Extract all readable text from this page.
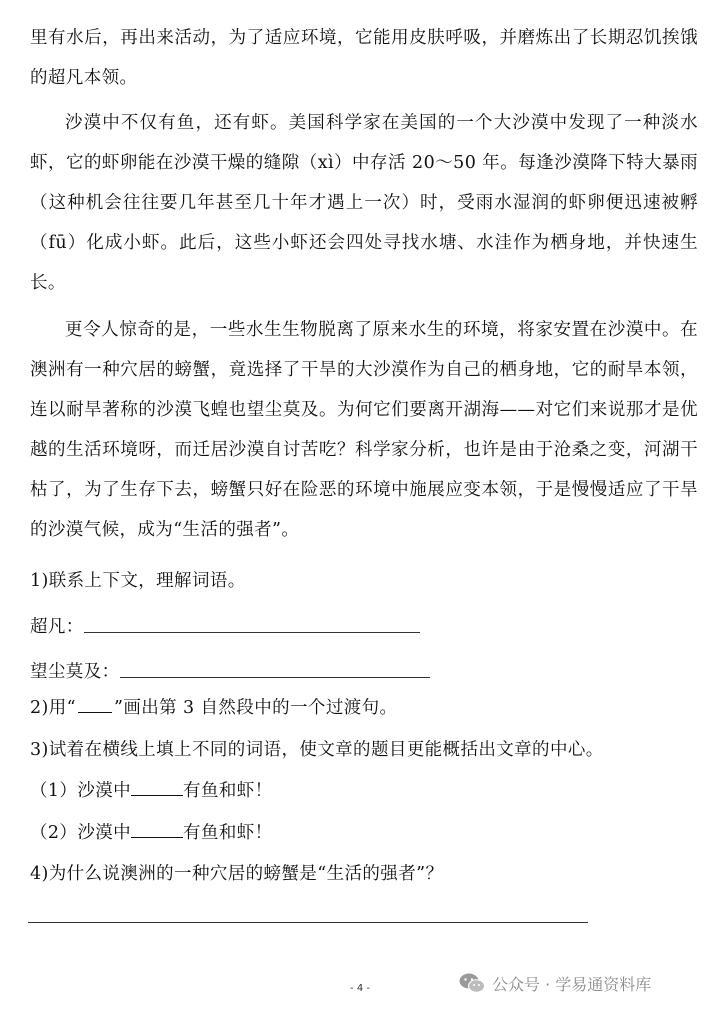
里有水后，再出来活动，为了适应环境，它能用皮肤呼吸，并磨炼出了长期忍饥挨饿的超凡本领。

沙漠中不仅有鱼，还有虾。美国科学家在美国的一个大沙漠中发现了一种淡水虾，它的虾卵能在沙漠干燥的缝隙（xì）中存活 20～50 年。每逢沙漠降下特大暴雨（这种机会往往要几年甚至几十年才遇上一次）时，受雨水湿润的虾卵便迅速被孵（fū）化成小虾。此后，这些小虾还会四处寻找水塘、水洼作为栖身地，并快速生长。

更令人惊奇的是，一些水生生物脱离了原来水生的环境，将家安置在沙漠中。在澳洲有一种穴居的螃蟹，竟选择了干旱的大沙漠作为自己的栖身地，它的耐旱本领，连以耐旱著称的沙漠飞蝗也望尘莫及。为何它们要离开湖海——对它们来说那才是优越的生活环境呀，而迁居沙漠自讨苦吃？科学家分析，也许是由于沧桑之变，河湖干枯了，为了生存下去，螃蟹只好在险恶的环境中施展应变本领，于是慢慢适应了干旱的沙漠气候，成为“生活的强者”。

1)联系上下文，理解词语。
超凡：
望尘莫及：
2)用“ ”画出第 3 自然段中的一个过渡句。
3)试着在横线上填上不同的词语，使文章的题目更能概括出文章的中心。
（1）沙漠中	有鱼和虾！
（2）沙漠中	有鱼和虾！
4)为什么说澳洲的一种穴居的螃蟹是“生活的强者”？
- 4 -	公众号 · 学易通资料库
